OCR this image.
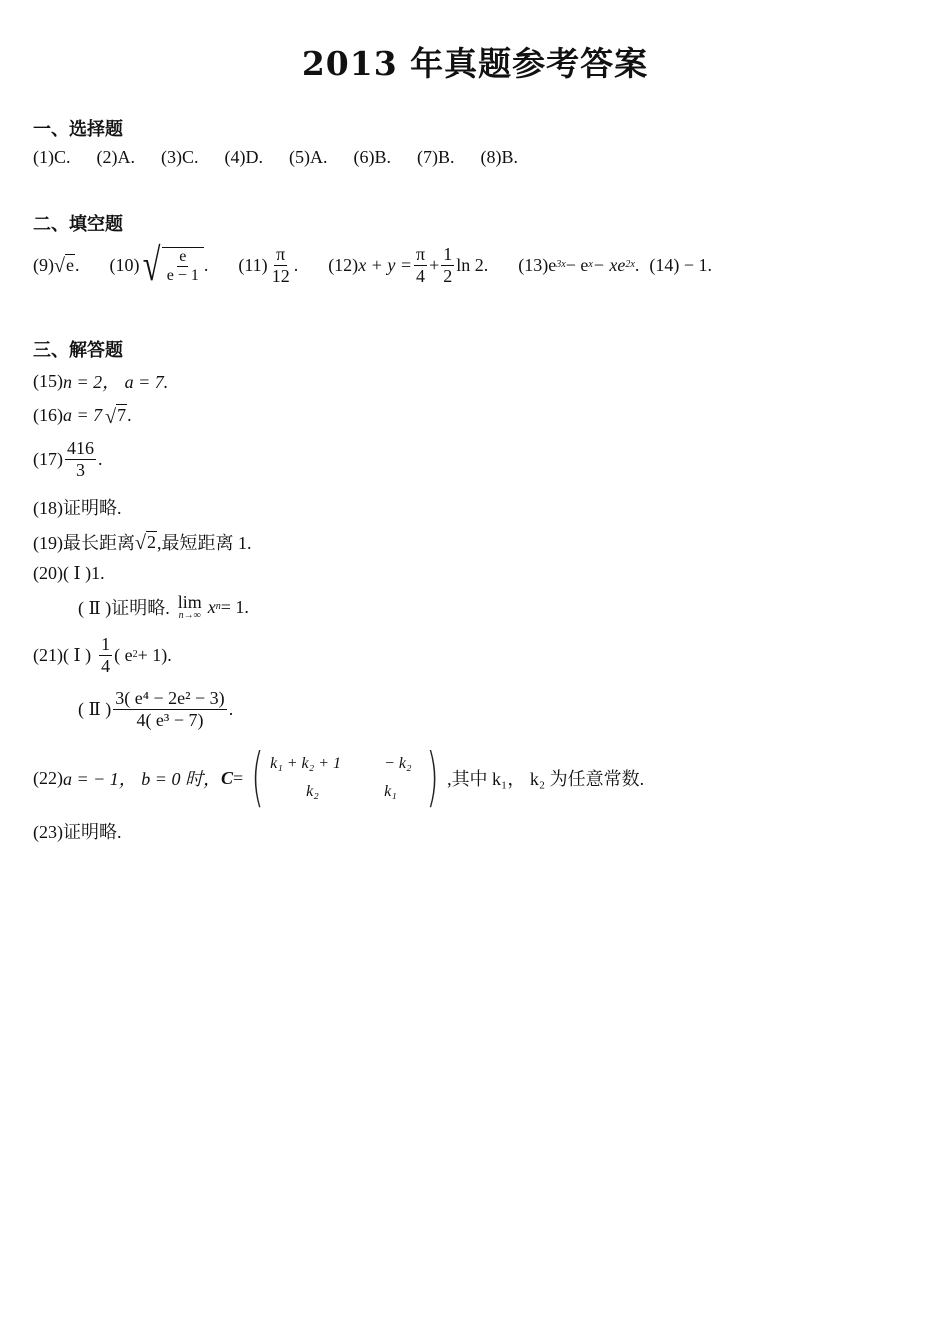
2013 年真题参考答案
一、选择题
(1)C. (2)A. (3)C. (4)D. (5)A. (6)B. (7)B. (8)B.
二、填空题
(9) √ e . (10) √ $\frac{e}{e - 1}$ . $(11) \frac{\pi}{12}$ . (12) $x + y = \frac{\pi}{4} + \frac{1}{2}$ ln 2. (13) e 3x − e x − xe 2x . (14) − 1.
三、解答题
(15) n = 2， a = 7.
(16) a = 7 √ 7 .
$(17) \frac{416}{3}$ .
(18)证明略.
(19)最长距离 √ 2 ,最短距离 1.
(20)( Ⅰ )1.
( Ⅱ )证明略. lim
n→∞ x n = 1.
(21)( Ⅰ ) $\frac{1}{4}$ ( e 2 + 1).
( Ⅱ ) $\frac{\text{3( e⁴ − 2e² − 3)}}{\text{4( e³ − 7)}}$ .
(22) a = − 1， b = 0 时， C = ( k₁ + k₂ + 1	− k₂
k₂	k₁ ) ,其中 k₁， k₂ 为任意常数.
(23)证明略.
